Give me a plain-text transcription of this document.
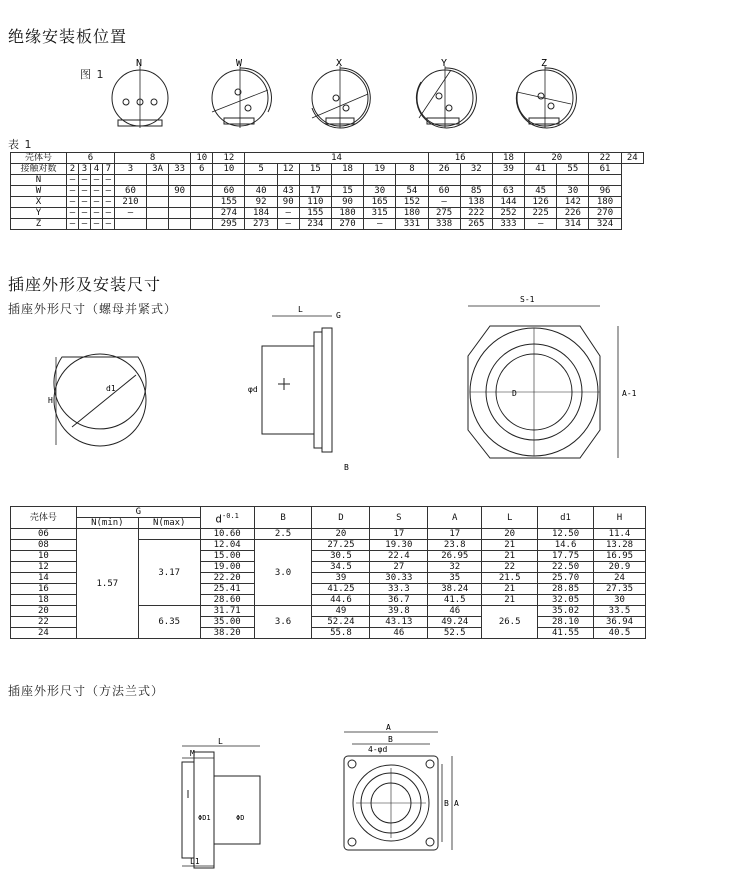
绝缘安装板位置
图 1
N	W	X	Y	Z
表 1
壳体号	6				8			10	12	14						16		18	20		22	24
接触对数	2	3	4	7	3	3A	33	6	10	5	12	15	18	19	8	26	32	39	41	55	61	
N	—	—	—	—																		
W	—	—	—	—	60		90		60	40	43	17	15	30	54	60	85	63	45	30	96	
X	—	—	—	—	210				155	92	90	110	90	165	152	—	138	144	126	142	180	
Y	—	—	—	—	—				274	184	—	155	180	315	180	275	222	252	225	226	270	
Z	—	—	—	—					295	273	—	234	270	—	331	338	265	333	—	314	324	
插座外形及安装尺寸
插座外形尺寸（螺母并紧式）
H
d1
L
G
φd
B
S-1
A-1
D
壳体号	G		$d^{-0.1}$	B	D	S	A	L	d1	H
	N(min)	N(max)								
06	1.57		10.60	2.5	20	17	17	20	12.50	11.4
08		3.17	12.04	3.0	27.25	19.30	23.8	21	14.6	13.28
10			15.00		30.5	22.4	26.95	21	17.75	16.95
12			19.00		34.5	27	32	22	22.50	20.9
14			22.20		39	30.33	35	21.5	25.70	24
16			25.41		41.25	33.3	38.24	21	28.85	27.35
18			28.60		44.6	36.7	41.5	21	32.05	30
20		6.35	31.71	3.6	49	39.8	46	26.5	35.02	33.5
22			35.00		52.24	43.13	49.24		28.10	36.94
24			38.20		55.8	46	52.5		41.55	40.5
插座外形尺寸（方法兰式）
L
M
L1
ΦD1	ΦD
A
B
4-φd
B A
